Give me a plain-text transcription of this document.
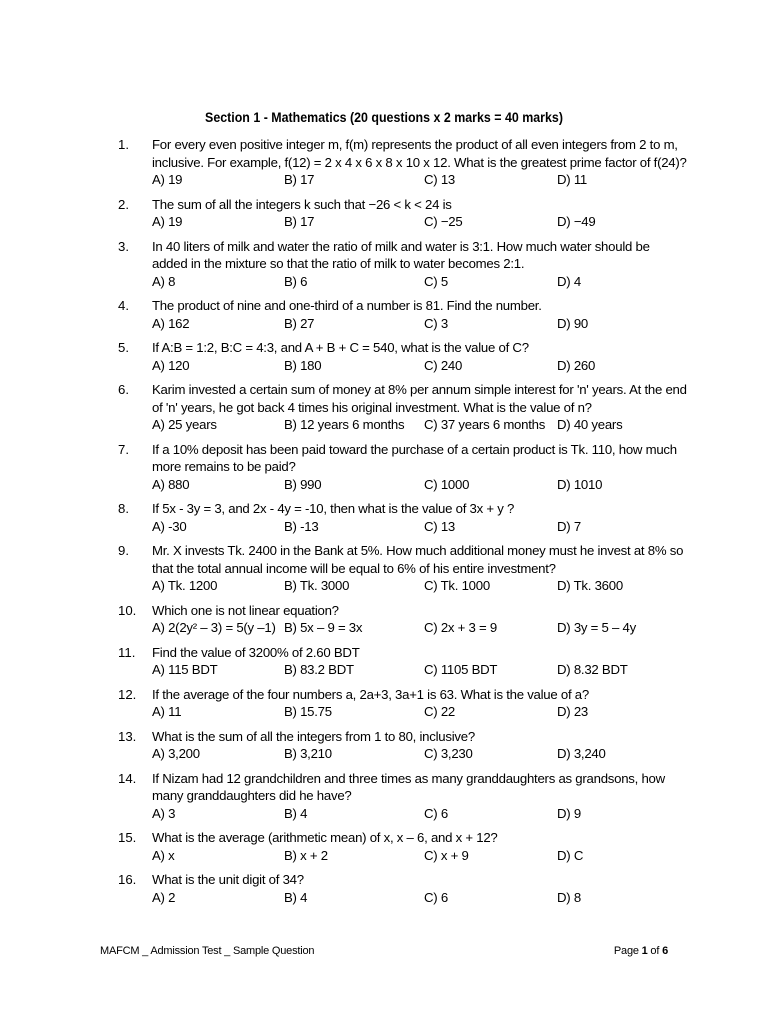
Section 1 - Mathematics (20 questions x 2 marks = 40 marks)
1.	For every even positive integer m, f(m) represents the product of all even integers from 2 to m, inclusive. For example, f(12) = 2 x 4 x 6 x 8 x 10 x 12. What is the greatest prime factor of f(24)?
A) 19	B) 17	C) 13	D) 11
2.	The sum of all the integers k such that −26 < k < 24 is
A) 19	B) 17	C) −25	D) −49
3.	In 40 liters of milk and water the ratio of milk and water is 3:1. How much water should be added in the mixture so that the ratio of milk to water becomes 2:1.
A) 8	B) 6	C) 5	D) 4
4.	The product of nine and one-third of a number is 81. Find the number.
A) 162	B) 27	C) 3	D) 90
5.	If A:B = 1:2, B:C = 4:3, and A + B + C = 540, what is the value of C?
A) 120	B) 180	C) 240	D) 260
6.	Karim invested a certain sum of money at 8% per annum simple interest for 'n' years. At the end of 'n' years, he got back 4 times his original investment. What is the value of n?
A) 25 years	B) 12 years 6 months	C) 37 years 6 months D) 40 years
7.	If a 10% deposit has been paid toward the purchase of a certain product is Tk. 110, how much more remains to be paid?
A) 880	B) 990	C) 1000	D) 1010
8.	If 5x - 3y = 3, and 2x - 4y = -10, then what is the value of 3x + y ?
A) -30	B) -13	C) 13	D) 7
9.	Mr. X invests Tk. 2400 in the Bank at 5%. How much additional money must he invest at 8% so that the total annual income will be equal to 6% of his entire investment?
A) Tk. 1200	B) Tk. 3000	C) Tk. 1000	D) Tk. 3600
10.	Which one is not linear equation?
A) 2(2y² – 3) = 5(y –1) B) 5x – 9 = 3x	C) 2x + 3 = 9	D) 3y = 5 – 4y
11.	Find the value of 3200% of 2.60 BDT
A) 115 BDT	B) 83.2 BDT	C) 1105 BDT	D) 8.32 BDT
12.	If the average of the four numbers a, 2a+3, 3a+1 is 63. What is the value of a?
A) 11	B) 15.75	C) 22	D) 23
13.	What is the sum of all the integers from 1 to 80, inclusive?
A) 3,200	B) 3,210	C) 3,230	D) 3,240
14.	If Nizam had 12 grandchildren and three times as many granddaughters as grandsons, how many granddaughters did he have?
A) 3	B) 4	C) 6	D) 9
15.	What is the average (arithmetic mean) of x, x – 6, and x + 12?
A) x	B) x + 2	C) x + 9	D) C
16.	What is the unit digit of 34?
A) 2	B) 4	C) 6	D) 8
MAFCM _ Admission Test _ Sample Question	Page 1 of 6
